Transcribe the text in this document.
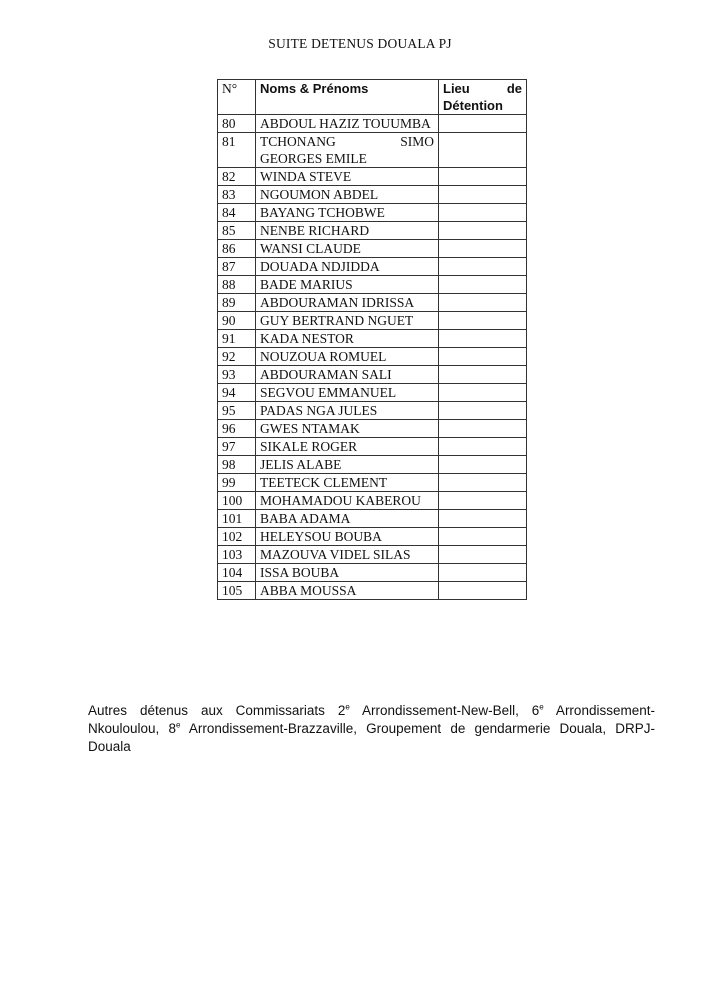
SUITE DETENUS DOUALA PJ
N°	Noms & Prénoms	Lieu de
Détention

80	ABDOUL HAZIZ TOUUMBA	
81	TCHONANG SIMO GEORGES EMILE	
82	WINDA STEVE	
83	NGOUMON ABDEL	
84	BAYANG TCHOBWE	
85	NENBE RICHARD	
86	WANSI CLAUDE	
87	DOUADA NDJIDDA	
88	BADE MARIUS	
89	ABDOURAMAN IDRISSA	
90	GUY BERTRAND NGUET	
91	KADA NESTOR	
92	NOUZOUA ROMUEL	
93	ABDOURAMAN SALI	
94	SEGVOU EMMANUEL	
95	PADAS NGA JULES	
96	GWES NTAMAK	
97	SIKALE ROGER	
98	JELIS ALABE	
99	TEETECK CLEMENT	
100	MOHAMADOU KABEROU	
101	BABA ADAMA	
102	HELEYSOU BOUBA	
103	MAZOUVA VIDEL SILAS	
104	ISSA BOUBA	
105	ABBA MOUSSA	
Autres détenus aux Commissariats 2e Arrondissement-New-Bell, 6e Arrondissement-Nkouloulou, 8e Arrondissement-Brazzaville, Groupement de gendarmerie Douala, DRPJ-Douala
